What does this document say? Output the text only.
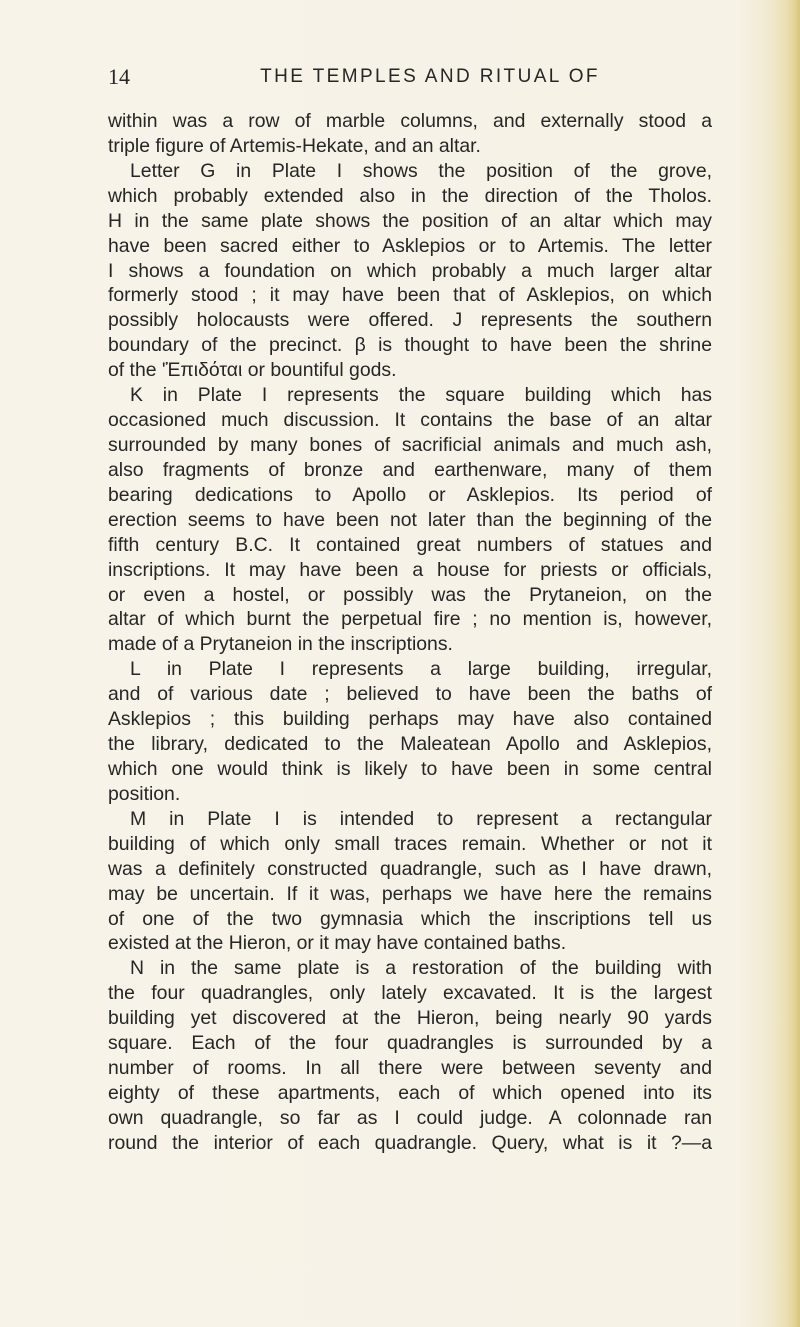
14	THE TEMPLES AND RITUAL OF
within was a row of marble columns, and externally stood a
triple figure of Artemis-Hekate, and an altar.
Letter G in Plate I shows the position of the grove,
which probably extended also in the direction of the Tholos.
H in the same plate shows the position of an altar which may
have been sacred either to Asklepios or to Artemis. The letter
I shows a foundation on which probably a much larger altar
formerly stood ; it may have been that of Asklepios, on which
possibly holocausts were offered. J represents the southern
boundary of the precinct. β is thought to have been the shrine
of the 'Ἐπιδόται or bountiful gods.
K in Plate I represents the square building which has
occasioned much discussion. It contains the base of an altar
surrounded by many bones of sacrificial animals and much ash,
also fragments of bronze and earthenware, many of them
bearing dedications to Apollo or Asklepios. Its period of
erection seems to have been not later than the beginning of the
fifth century B.C. It contained great numbers of statues and
inscriptions. It may have been a house for priests or officials,
or even a hostel, or possibly was the Prytaneion, on the
altar of which burnt the perpetual fire ; no mention is, however,
made of a Prytaneion in the inscriptions.
L in Plate I represents a large building, irregular,
and of various date ; believed to have been the baths of
Asklepios ; this building perhaps may have also contained
the library, dedicated to the Maleatean Apollo and Asklepios,
which one would think is likely to have been in some central
position.
M in Plate I is intended to represent a rectangular
building of which only small traces remain. Whether or not it
was a definitely constructed quadrangle, such as I have drawn,
may be uncertain. If it was, perhaps we have here the remains
of one of the two gymnasia which the inscriptions tell us
existed at the Hieron, or it may have contained baths.
N in the same plate is a restoration of the building with
the four quadrangles, only lately excavated. It is the largest
building yet discovered at the Hieron, being nearly 90 yards
square. Each of the four quadrangles is surrounded by a
number of rooms. In all there were between seventy and
eighty of these apartments, each of which opened into its
own quadrangle, so far as I could judge. A colonnade ran
round the interior of each quadrangle. Query, what is it ?—a
